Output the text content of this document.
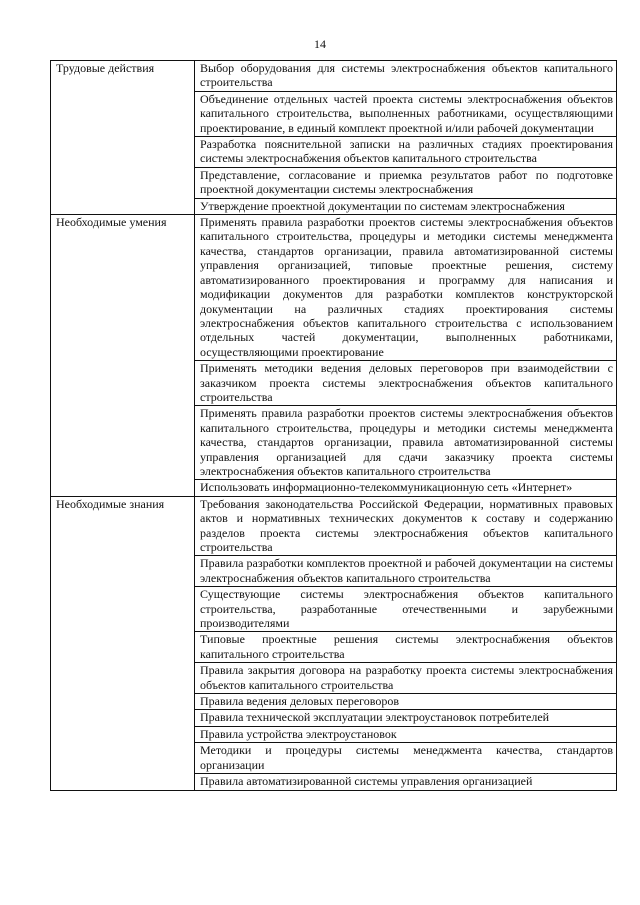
14
Трудовые действия	Выбор оборудования для системы электроснабжения объектов капитального строительства
	Объединение отдельных частей проекта системы электроснабжения объектов капитального строительства, выполненных работниками, осуществляющими проектирование, в единый комплект проектной и/или рабочей документации
	Разработка пояснительной записки на различных стадиях проектирования системы электроснабжения объектов капитального строительства
	Представление, согласование и приемка результатов работ по подготовке проектной документации системы электроснабжения
	Утверждение проектной документации по системам электроснабжения
Необходимые умения	Применять правила разработки проектов системы электроснабжения объектов капитального строительства, процедуры и методики системы менеджмента качества, стандартов организации, правила автоматизированной системы управления организацией, типовые проектные решения, систему автоматизированного проектирования и программу для написания и модификации документов для разработки комплектов конструкторской документации на различных стадиях проектирования системы электроснабжения объектов капитального строительства с использованием отдельных частей документации, выполненных работниками, осуществляющими проектирование
	Применять методики ведения деловых переговоров при взаимодействии с заказчиком проекта системы электроснабжения объектов капитального строительства
	Применять правила разработки проектов системы электроснабжения объектов капитального строительства, процедуры и методики системы менеджмента качества, стандартов организации, правила автоматизированной системы управления организацией для сдачи заказчику проекта системы электроснабжения объектов капитального строительства
	Использовать информационно-телекоммуникационную сеть «Интернет»
Необходимые знания	Требования законодательства Российской Федерации, нормативных правовых актов и нормативных технических документов к составу и содержанию разделов проекта системы электроснабжения объектов капитального строительства
	Правила разработки комплектов проектной и рабочей документации на системы электроснабжения объектов капитального строительства
	Существующие системы электроснабжения объектов капитального строительства, разработанные отечественными и зарубежными производителями
	Типовые проектные решения системы электроснабжения объектов капитального строительства
	Правила закрытия договора на разработку проекта системы электроснабжения объектов капитального строительства
	Правила ведения деловых переговоров
	Правила технической эксплуатации электроустановок потребителей
	Правила устройства электроустановок
	Методики и процедуры системы менеджмента качества, стандартов организации
	Правила автоматизированной системы управления организацией
